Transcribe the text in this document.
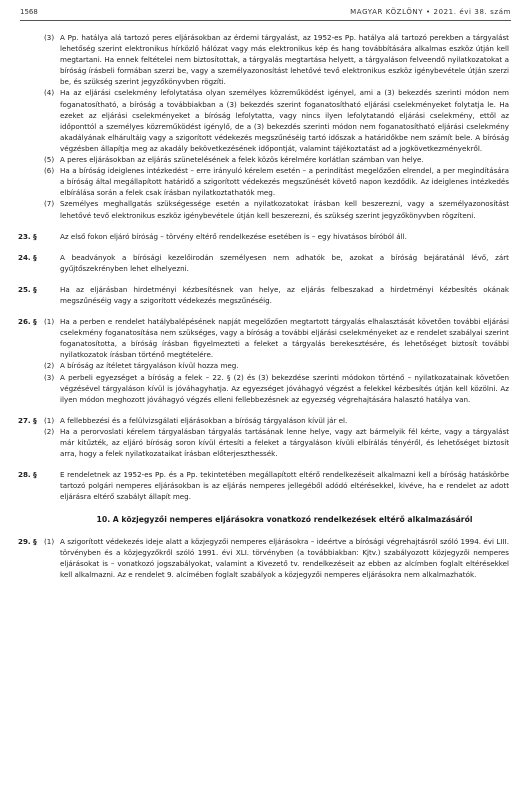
1568	MAGYAR KÖZLÖNY • 2021. évi 38. szám
(3) A Pp. hatálya alá tartozó peres eljárásokban az érdemi tárgyalást, az 1952-es Pp. hatálya alá tartozó perekben a tárgyalást lehetőség szerint elektronikus hírközlő hálózat vagy más elektronikus kép és hang továbbítására alkalmas eszköz útján kell megtartani. Ha ennek feltételei nem biztosítottak, a tárgyalás megtartása helyett, a tárgyaláson felveendő nyilatkozatokat a bíróság írásbeli formában szerzi be, vagy a személyazonosítást lehetővé tevő elektronikus eszköz igénybevétele útján szerzi be, és szükség szerint jegyzőkönyvben rögzíti.
(4) Ha az eljárási cselekmény lefolytatása olyan személyes közreműködést igényel, ami a (3) bekezdés szerinti módon nem foganatosítható, a bíróság a továbbiakban a (3) bekezdés szerint foganatosítható eljárási cselekményeket folytatja le. Ha ezeket az eljárási cselekményeket a bíróság lefolytatta, vagy nincs ilyen lefolytatandó eljárási cselekmény, ettől az időponttól a személyes közreműködést igénylő, de a (3) bekezdés szerinti módon nem foganatosítható eljárási cselekmény akadályának elhárultáig vagy a szigorított védekezés megszűnéséig tartó időszak a határidőkbe nem számít bele. A bíróság végzésben állapítja meg az akadály bekövetkezésének időpontját, valamint tájékoztatást ad a jogkövetkezményekről.
(5) A peres eljárásokban az eljárás szünetelésének a felek közös kérelmére korlátlan számban van helye.
(6) Ha a bíróság ideiglenes intézkedést – erre irányuló kérelem esetén – a perindítást megelőzően elrendel, a per megindítására a bíróság által megállapított határidő a szigorított védekezés megszűnését követő napon kezdődik. Az ideiglenes intézkedés elbírálása során a felek csak írásban nyilatkoztathatók meg.
(7) Személyes meghallgatás szükségessége esetén a nyilatkozatokat írásban kell beszerezni, vagy a személyazonosítást lehetővé tevő elektronikus eszköz igénybevétele útján kell beszerezni, és szükség szerint jegyzőkönyvben rögzíteni.
23. §	Az első fokon eljáró bíróság – törvény eltérő rendelkezése esetében is – egy hivatásos bíróból áll.
24. §	A beadványok a bírósági kezelőirodán személyesen nem adhatók be, azokat a bíróság bejáratánál lévő, zárt gyűjtőszekrényben lehet elhelyezni.
25. §	Ha az eljárásban hirdetményi kézbesítésnek van helye, az eljárás felbeszakad a hirdetményi kézbesítés okának megszűnéséig vagy a szigorított védekezés megszűnéséig.
26. § (1) Ha a perben e rendelet hatálybalépésének napját megelőzően megtartott tárgyalás elhalasztását követően további eljárási cselekmény foganatosítása nem szükséges, vagy a bíróság a további eljárási cselekményeket az e rendelet szabályai szerint foganatosította, a bíróság írásban figyelmezteti a feleket a tárgyalás berekesztésére, és lehetőséget biztosít további nyilatkozatok írásban történő megtételére.
(2) A bíróság az ítéletet tárgyaláson kívül hozza meg.
(3) A perbeli egyezséget a bíróság a felek – 22. § (2) és (3) bekezdése szerinti módokon történő – nyilatkozatainak követően végzésével tárgyaláson kívül is jóváhagyhatja. Az egyezséget jóváhagyó végzést a felekkel kézbesítés útján kell közölni. Az ilyen módon meghozott jóváhagyó végzés elleni fellebbezésnek az egyezség végrehajtására halasztó hatálya van.
27. § (1) A fellebbezési és a felülvizsgálati eljárásokban a bíróság tárgyaláson kívül jár el.
(2) Ha a perorvoslati kérelem tárgyalásban tárgyalás tartásának lenne helye, vagy azt bármelyik fél kérte, vagy a tárgyalást már kitűzték, az eljáró bíróság soron kívül értesíti a feleket a tárgyaláson kívüli elbírálás tényéről, és lehetőséget biztosít arra, hogy a felek nyilatkozataikat írásban előterjeszthessék.
28. §	E rendeletnek az 1952-es Pp. és a Pp. tekintetében megállapított eltérő rendelkezéseit alkalmazni kell a bíróság hatáskörbe tartozó polgári nemperes eljárásokban is az eljárás nemperes jellegéből adódó eltérésekkel, kivéve, ha e rendelet az adott eljárásra eltérő szabályt állapít meg.
10. A közjegyzői nemperes eljárásokra vonatkozó rendelkezések eltérő alkalmazásáról
29. § (1) A szigorított védekezés ideje alatt a közjegyzői nemperes eljárásokra – ideértve a bírósági végrehajtásról szóló 1994. évi LIII. törvényben és a közjegyzőkről szóló 1991. évi XLI. törvényben (a továbbiakban: Kjtv.) szabályozott közjegyzői nemperes eljárásokat is – vonatkozó jogszabályokat, valamint a Kivezető tv. rendelkezéseit az ebben az alcímben foglalt eltérésekkel kell alkalmazni. Az e rendelet 9. alcímében foglalt szabályok a közjegyzői nemperes eljárásokra nem alkalmazhatók.
